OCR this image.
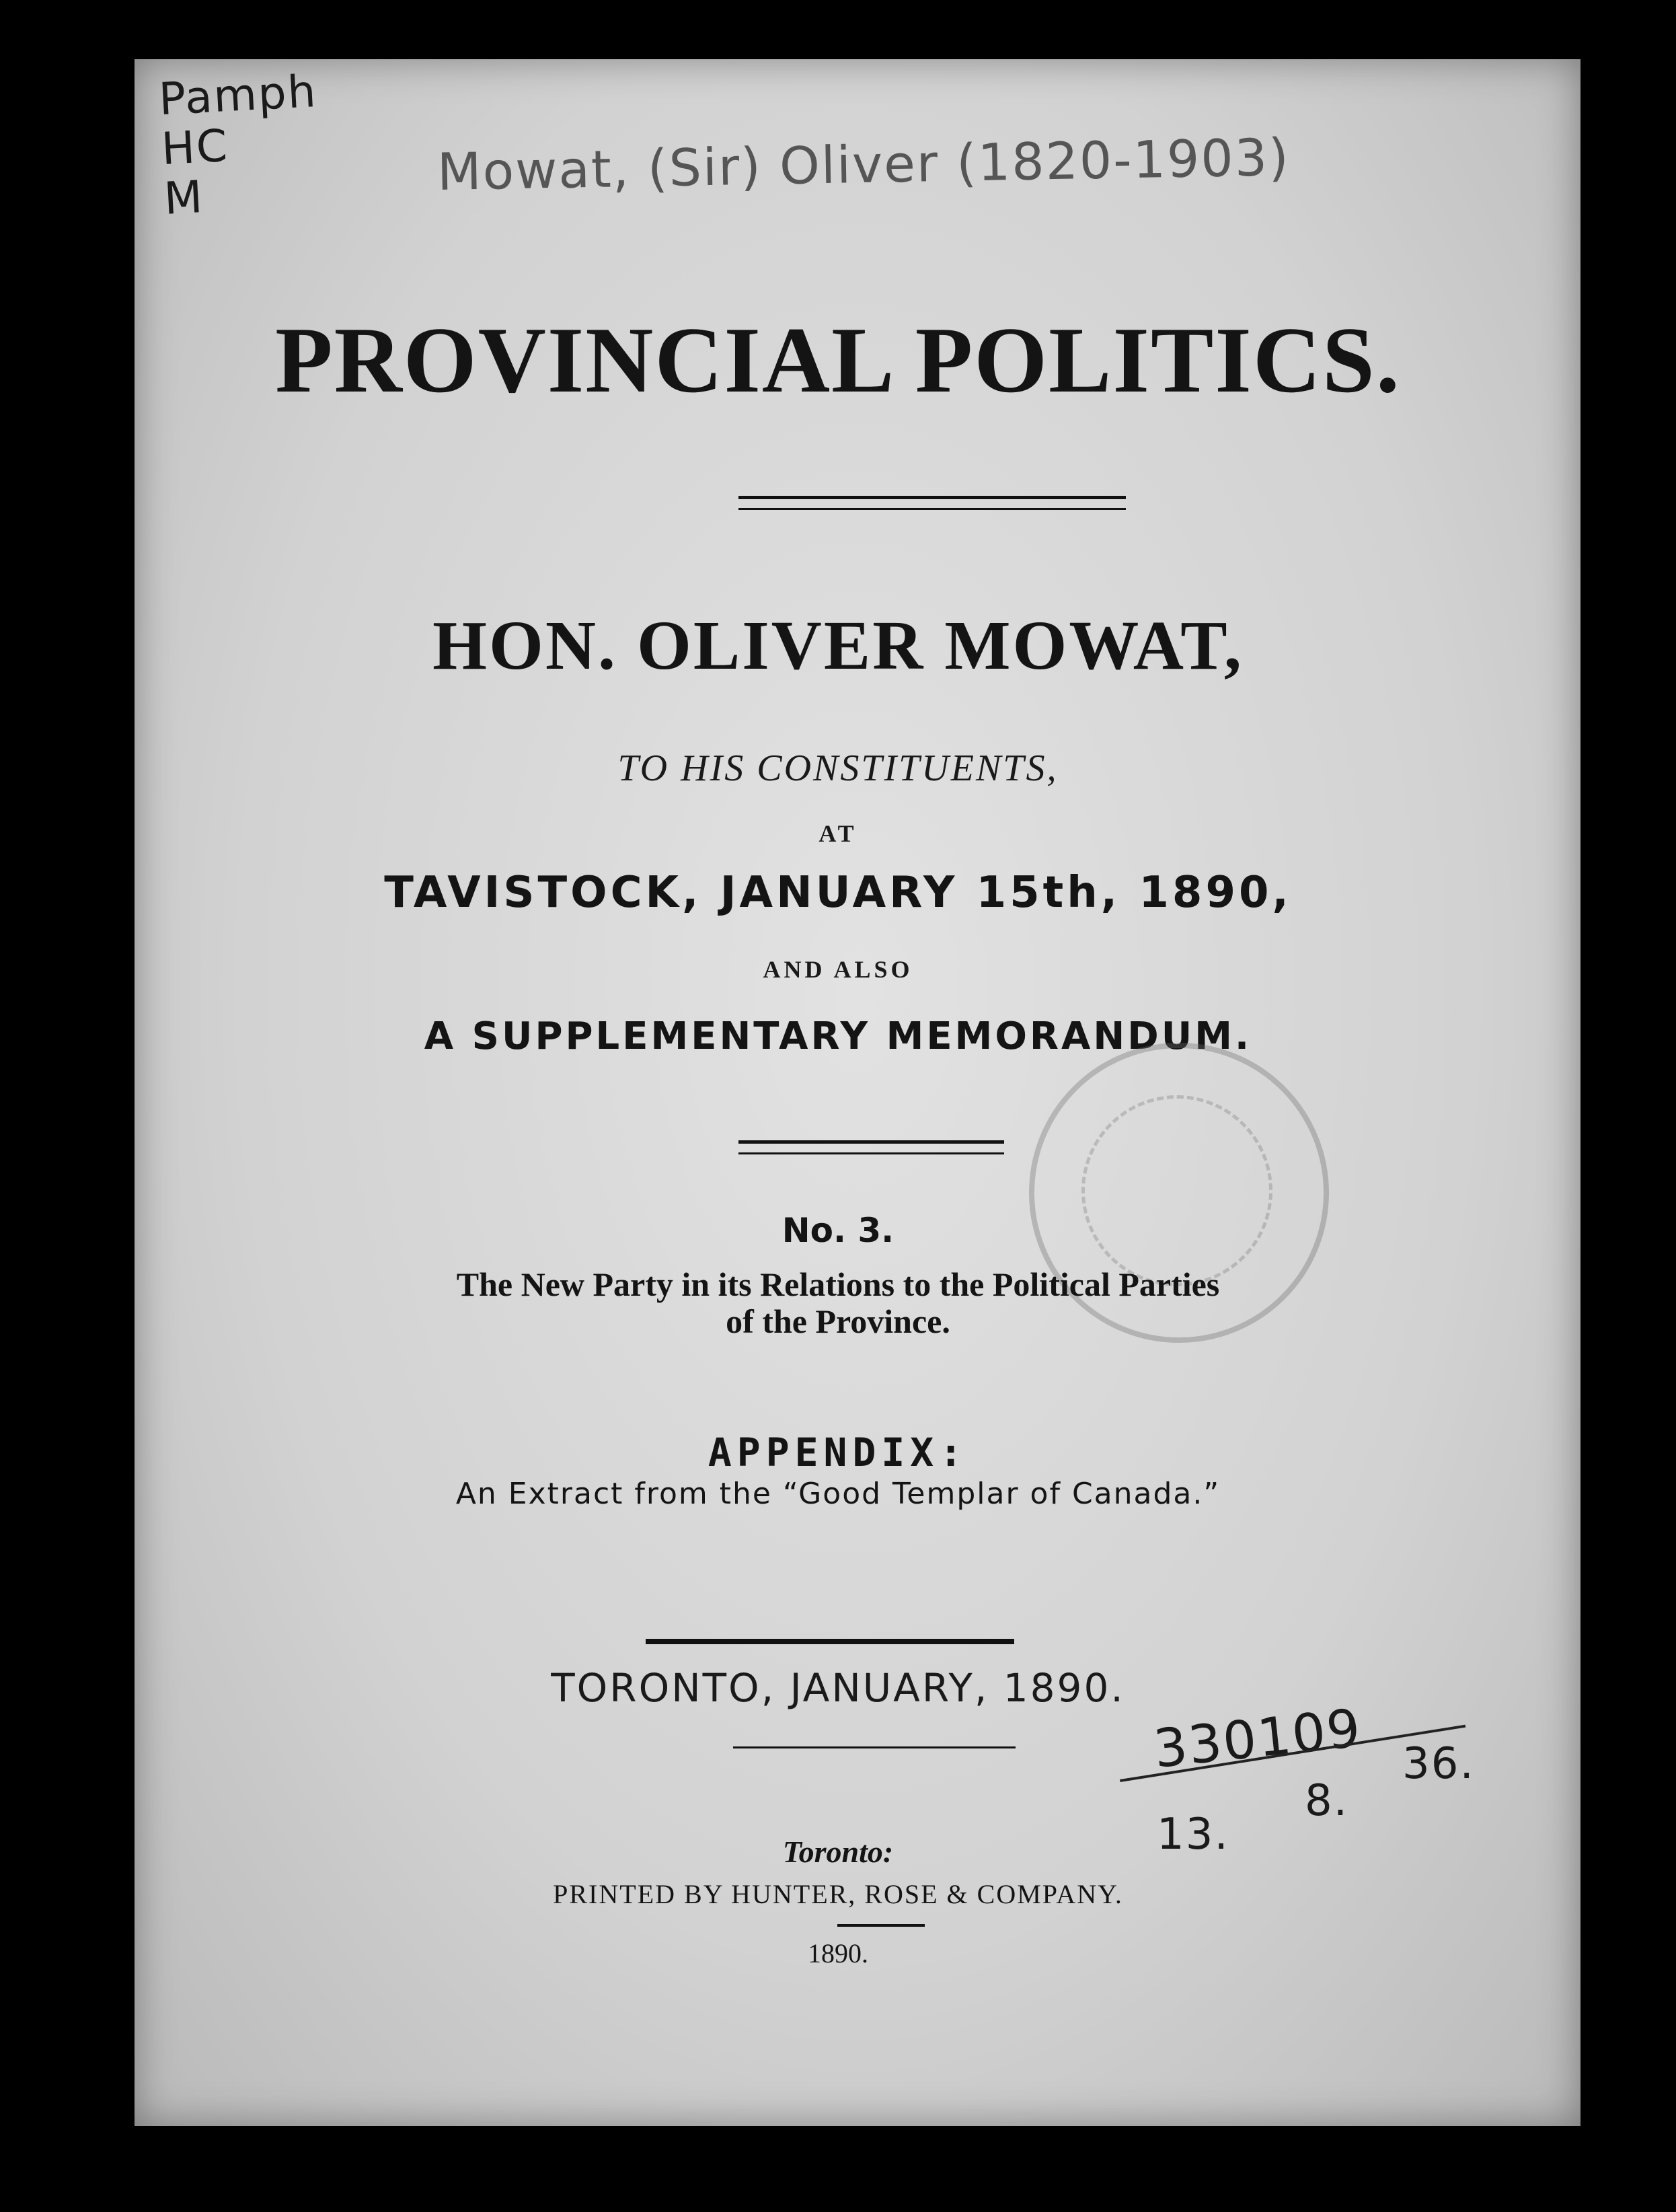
Pamph
HC
M	Mowat, (Sir) Oliver (1820-1903)
PROVINCIAL POLITICS.
HON. OLIVER MOWAT,
TO HIS CONSTITUENTS,
AT
TAVISTOCK, JANUARY 15th, 1890,
AND ALSO
A SUPPLEMENTARY MEMORANDUM.
No. 3.
The New Party in its Relations to the Political Parties
of the Province.
APPENDIX:
An Extract from the “Good Templar of Canada.”
TORONTO, JANUARY, 1890.
330109
13.
8.
36.
Toronto:
PRINTED BY HUNTER, ROSE & COMPANY.
1890.
